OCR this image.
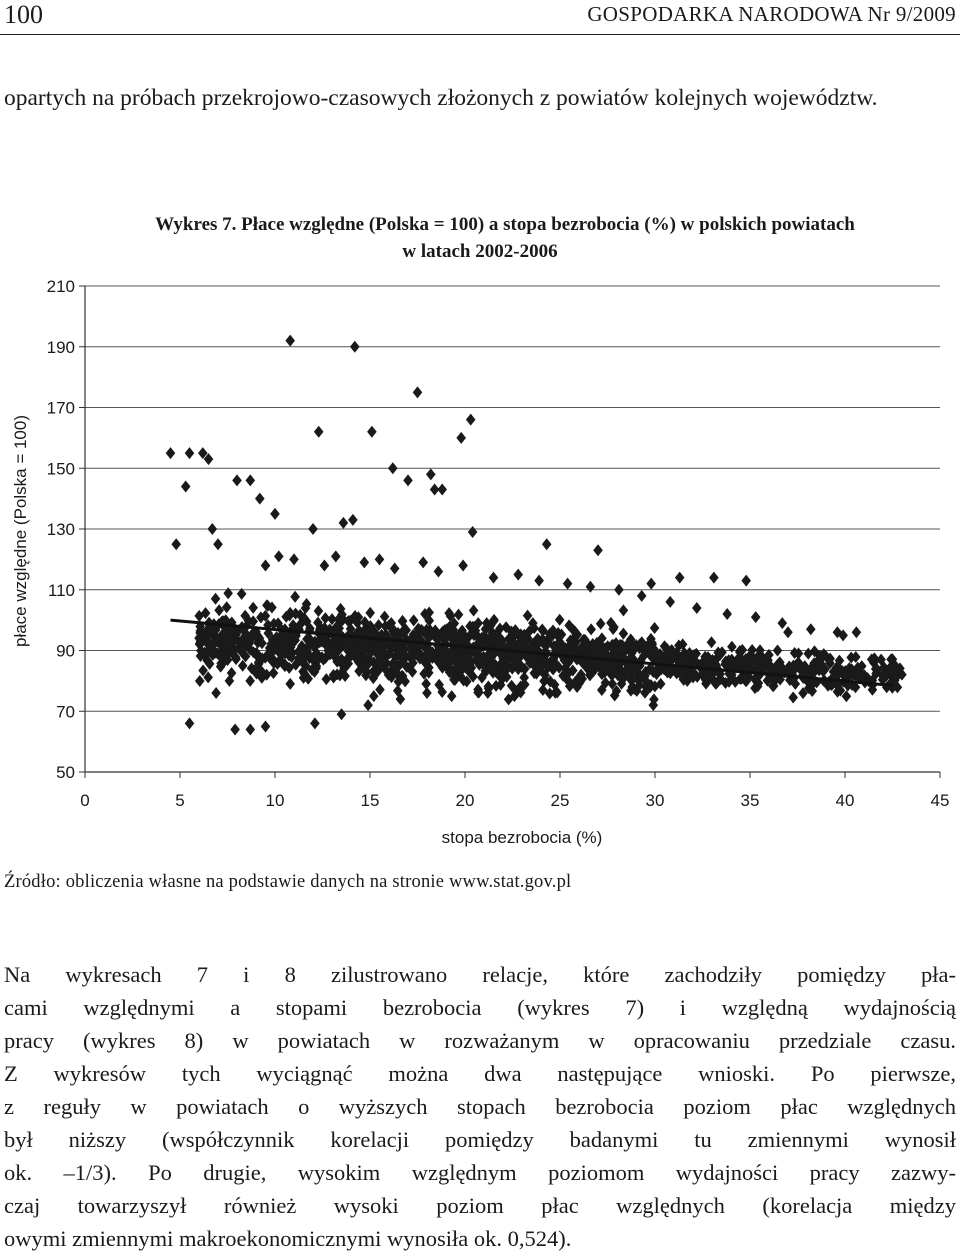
100	GOSPODARKA NARODOWA Nr 9/2009

opartych na próbach przekrojowo-czasowych złożonych z powiatów kolejnych województw.

Wykres 7. Płace względne (Polska = 100) a stopa bezrobocia (%) w polskich powiatach
w latach 2002-2006
50
70
90
110
130
150
170
190
210
0	5	10	15	20	25	30	35	40	45
płace względne (Polska = 100)
stopa bezrobocia (%)
Źródło: obliczenia własne na podstawie danych na stronie www.stat.gov.pl
Na wykresach 7 i 8 zilustrowano relacje, które zachodziły pomiędzy pła-
cami względnymi a stopami bezrobocia (wykres 7) i względną wydajnością
pracy (wykres 8) w powiatach w rozważanym w opracowaniu przedziale czasu.
Z wykresów tych wyciągnąć można dwa następujące wnioski. Po pierwsze,
z reguły w powiatach o wyższych stopach bezrobocia poziom płac względnych
był niższy (współczynnik korelacji pomiędzy badanymi tu zmiennymi wynosił
ok. –1/3). Po drugie, wysokim względnym poziomom wydajności pracy zazwy-
czaj towarzyszył również wysoki poziom płac względnych (korelacja między
owymi zmiennymi makroekonomicznymi wynosiła ok. 0,524).
